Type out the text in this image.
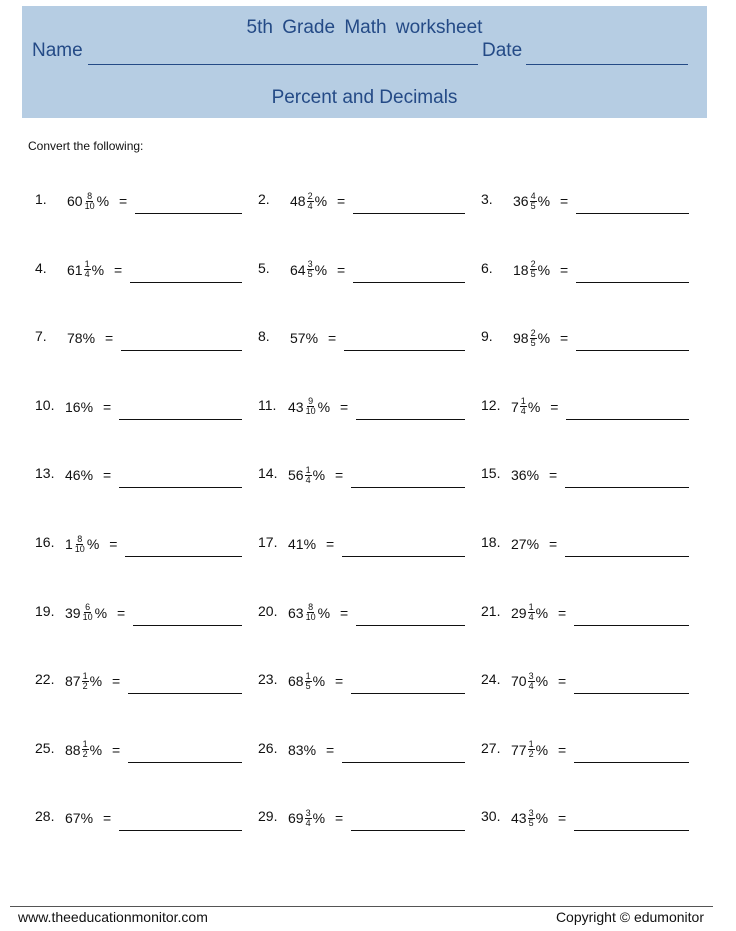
5th Grade Math worksheet
Name	Date
Percent and Decimals
Convert the following:
1. $60 \frac{8}{10}$ % =	2. $48 \frac{2}{4}$ % =	3. $36 \frac{4}{5}$ % =
4. $61 \frac{1}{4}$ % =	5. $64 \frac{3}{5}$ % =	6. $18 \frac{2}{5}$ % =
7. 78 % =	8. 57 % =	9. $98 \frac{2}{5}$ % =
10. 16 % =	11. $43 \frac{9}{10}$ % =	12. $7 \frac{1}{4}$ % =
13. 46 % =	14. $56 \frac{1}{4}$ % =	15. 36 % =
16. $1 \frac{8}{10}$ % =	17. 41 % =	18. 27 % =
19. $39 \frac{6}{10}$ % =	20. $63 \frac{8}{10}$ % =	21. $29 \frac{1}{4}$ % =
22. $87 \frac{1}{2}$ % =	23. $68 \frac{1}{5}$ % =	24. $70 \frac{3}{4}$ % =
25. $88 \frac{1}{2}$ % =	26. 83 % =	27. $77 \frac{1}{2}$ % =
28. 67 % =	29. $69 \frac{3}{4}$ % =	30. $43 \frac{3}{5}$ % =
www.theeducationmonitor.com	Copyright © edumonitor
